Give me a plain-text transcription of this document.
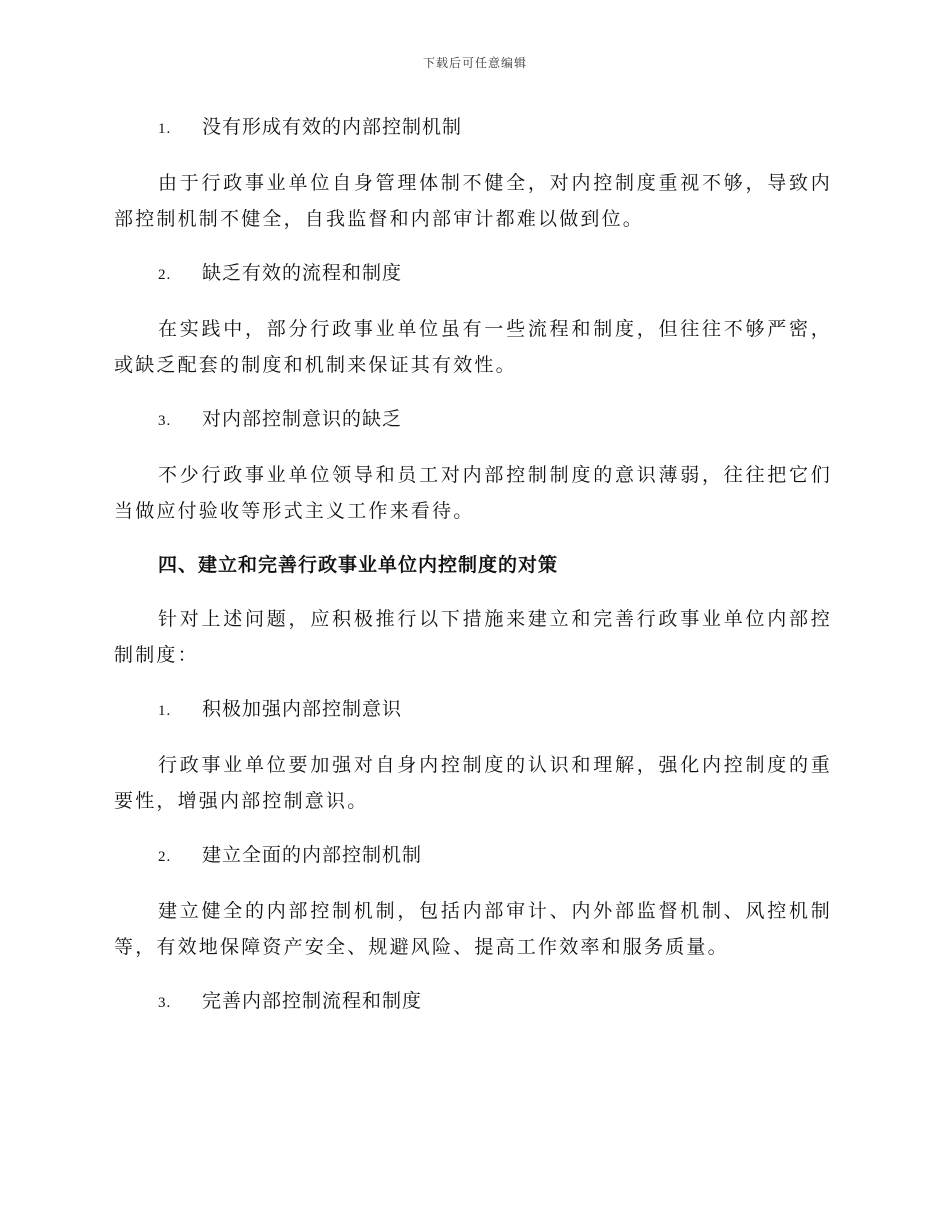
下载后可任意编辑
1.	没有形成有效的内部控制机制

由于行政事业单位自身管理体制不健全，对内控制度重视不够，导致内部控制机制不健全，自我监督和内部审计都难以做到位。

2.	缺乏有效的流程和制度

在实践中，部分行政事业单位虽有一些流程和制度，但往往不够严密，或缺乏配套的制度和机制来保证其有效性。

3.	对内部控制意识的缺乏

不少行政事业单位领导和员工对内部控制制度的意识薄弱，往往把它们当做应付验收等形式主义工作来看待。

四、建立和完善行政事业单位内控制度的对策

针对上述问题，应积极推行以下措施来建立和完善行政事业单位内部控制制度：

1.	积极加强内部控制意识

行政事业单位要加强对自身内控制度的认识和理解，强化内控制度的重要性，增强内部控制意识。

2.	建立全面的内部控制机制

建立健全的内部控制机制，包括内部审计、内外部监督机制、风控机制等，有效地保障资产安全、规避风险、提高工作效率和服务质量。

3.	完善内部控制流程和制度
